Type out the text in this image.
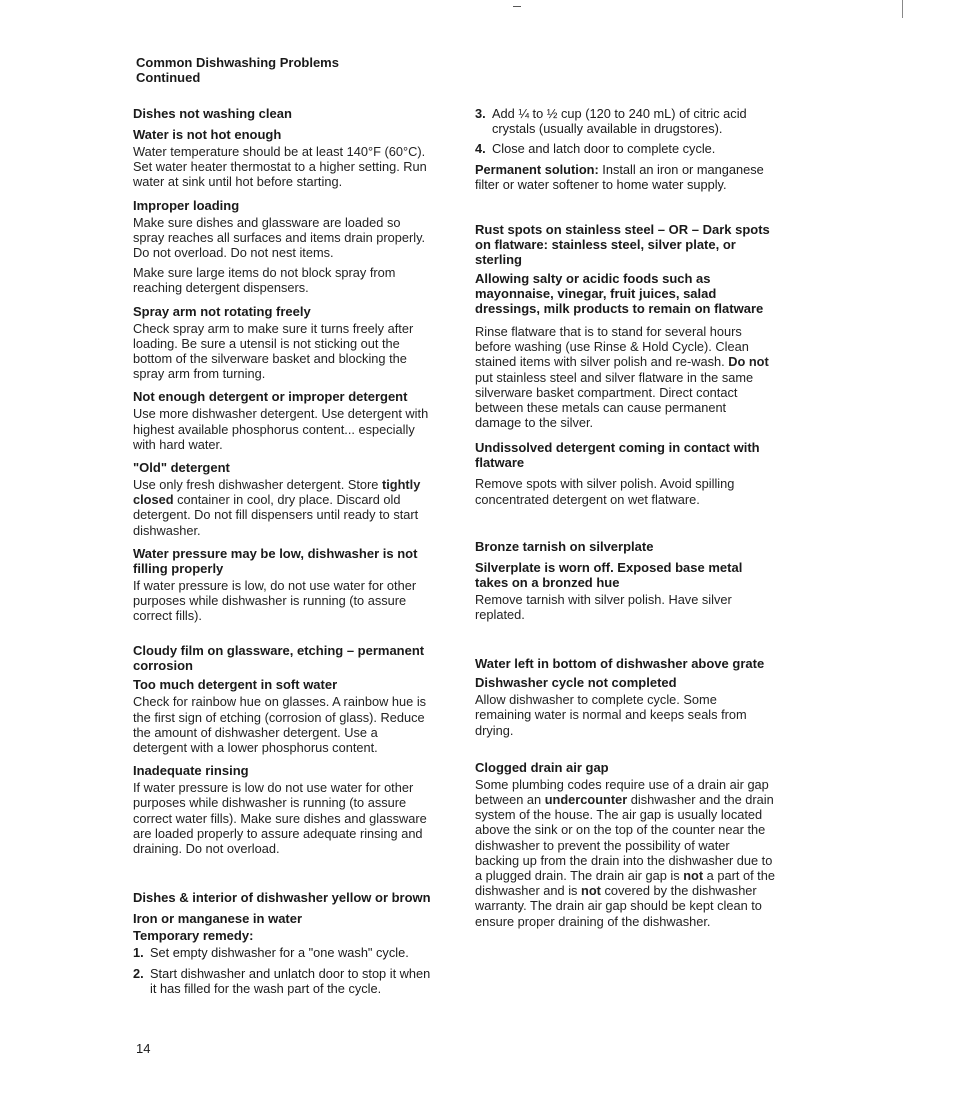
Common Dishwashing Problems
Continued
Dishes not washing clean
Water is not hot enough

Water temperature should be at least 140°F (60°C). Set water heater thermostat to a higher setting. Run water at sink until hot before starting.

Improper loading

Make sure dishes and glassware are loaded so spray reaches all surfaces and items drain properly. Do not overload. Do not nest items.

Make sure large items do not block spray from reaching detergent dispensers.

Spray arm not rotating freely

Check spray arm to make sure it turns freely after loading. Be sure a utensil is not sticking out the bottom of the silverware basket and blocking the spray arm from turning.

Not enough detergent or improper detergent

Use more dishwasher detergent. Use detergent with highest available phosphorus content... especially with hard water.

"Old" detergent

Use only fresh dishwasher detergent. Store tightly closed container in cool, dry place. Discard old detergent. Do not fill dispensers until ready to start dishwasher.

Water pressure may be low, dishwasher is not filling properly

If water pressure is low, do not use water for other purposes while dishwasher is running (to assure correct fills).

Cloudy film on glassware, etching – permanent corrosion
Too much detergent in soft water

Check for rainbow hue on glasses. A rainbow hue is the first sign of etching (corrosion of glass). Reduce the amount of dishwasher detergent. Use a detergent with a lower phosphorus content.

Inadequate rinsing

If water pressure is low do not use water for other purposes while dishwasher is running (to assure correct water fills). Make sure dishes and glassware are loaded properly to assure adequate rinsing and draining. Do not overload.

Dishes & interior of dishwasher yellow or brown
Iron or manganese in water
Temporary remedy:
1. Set empty dishwasher for a "one wash" cycle.
2. Start dishwasher and unlatch door to stop it when it has filled for the wash part of the cycle.
3. Add ¼ to ½ cup (120 to 240 mL) of citric acid crystals (usually available in drugstores).
4. Close and latch door to complete cycle.

Permanent solution: Install an iron or manganese filter or water softener to home water supply.

Rust spots on stainless steel – OR – Dark spots on flatware: stainless steel, silver plate, or sterling
Allowing salty or acidic foods such as mayonnaise, vinegar, fruit juices, salad dressings, milk products to remain on flatware

Rinse flatware that is to stand for several hours before washing (use Rinse & Hold Cycle). Clean stained items with silver polish and re-wash. Do not put stainless steel and silver flatware in the same silverware basket compartment. Direct contact between these metals can cause permanent damage to the silver.

Undissolved detergent coming in contact with flatware

Remove spots with silver polish. Avoid spilling concentrated detergent on wet flatware.

Bronze tarnish on silverplate
Silverplate is worn off. Exposed base metal takes on a bronzed hue

Remove tarnish with silver polish. Have silver replated.

Water left in bottom of dishwasher above grate
Dishwasher cycle not completed

Allow dishwasher to complete cycle. Some remaining water is normal and keeps seals from drying.

Clogged drain air gap

Some plumbing codes require use of a drain air gap between an undercounter dishwasher and the drain system of the house. The air gap is usually located above the sink or on the top of the counter near the dishwasher to prevent the possibility of water backing up from the drain into the dishwasher due to a plugged drain. The drain air gap is not a part of the dishwasher and is not covered by the dishwasher warranty. The drain air gap should be kept clean to ensure proper draining of the dishwasher.

14
